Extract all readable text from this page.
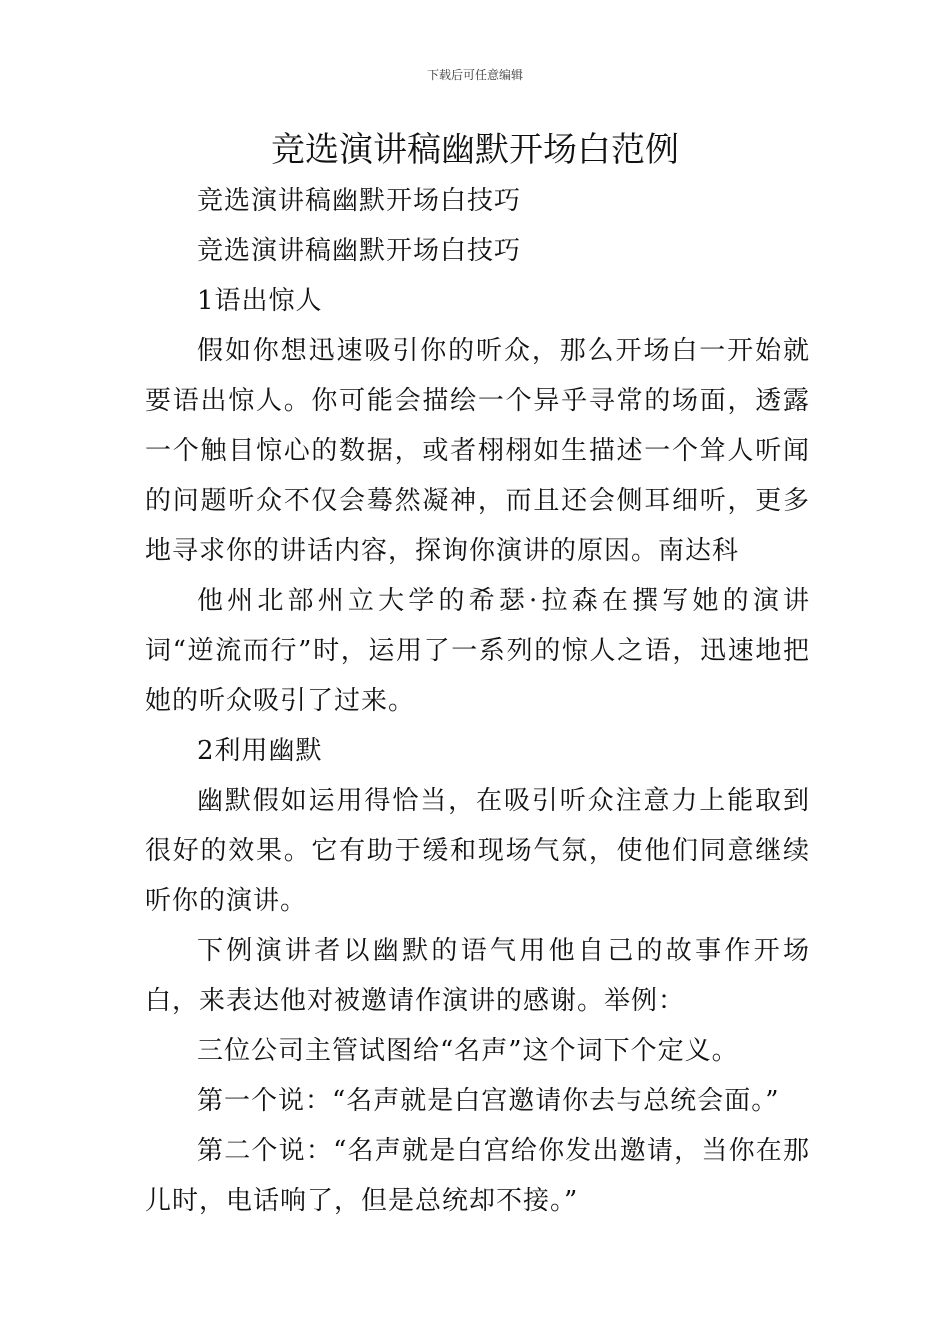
下载后可任意编辑
竞选演讲稿幽默开场白范例

竞选演讲稿幽默开场白技巧

竞选演讲稿幽默开场白技巧

1语出惊人

假如你想迅速吸引你的听众，那么开场白一开始就要语出惊人。你可能会描绘一个异乎寻常的场面，透露一个触目惊心的数据，或者栩栩如生描述一个耸人听闻的问题听众不仅会蓦然凝神，而且还会侧耳细听，更多地寻求你的讲话内容，探询你演讲的原因。南达科

他州北部州立大学的希瑟·拉森在撰写她的演讲词“逆流而行”时，运用了一系列的惊人之语，迅速地把她的听众吸引了过来。

2利用幽默

幽默假如运用得恰当，在吸引听众注意力上能取到很好的效果。它有助于缓和现场气氛，使他们同意继续听你的演讲。

下例演讲者以幽默的语气用他自己的故事作开场白，来表达他对被邀请作演讲的感谢。举例：

三位公司主管试图给“名声”这个词下个定义。

第一个说：“名声就是白宫邀请你去与总统会面。”

第二个说：“名声就是白宫给你发出邀请，当你在那儿时，电话响了，但是总统却不接。”
